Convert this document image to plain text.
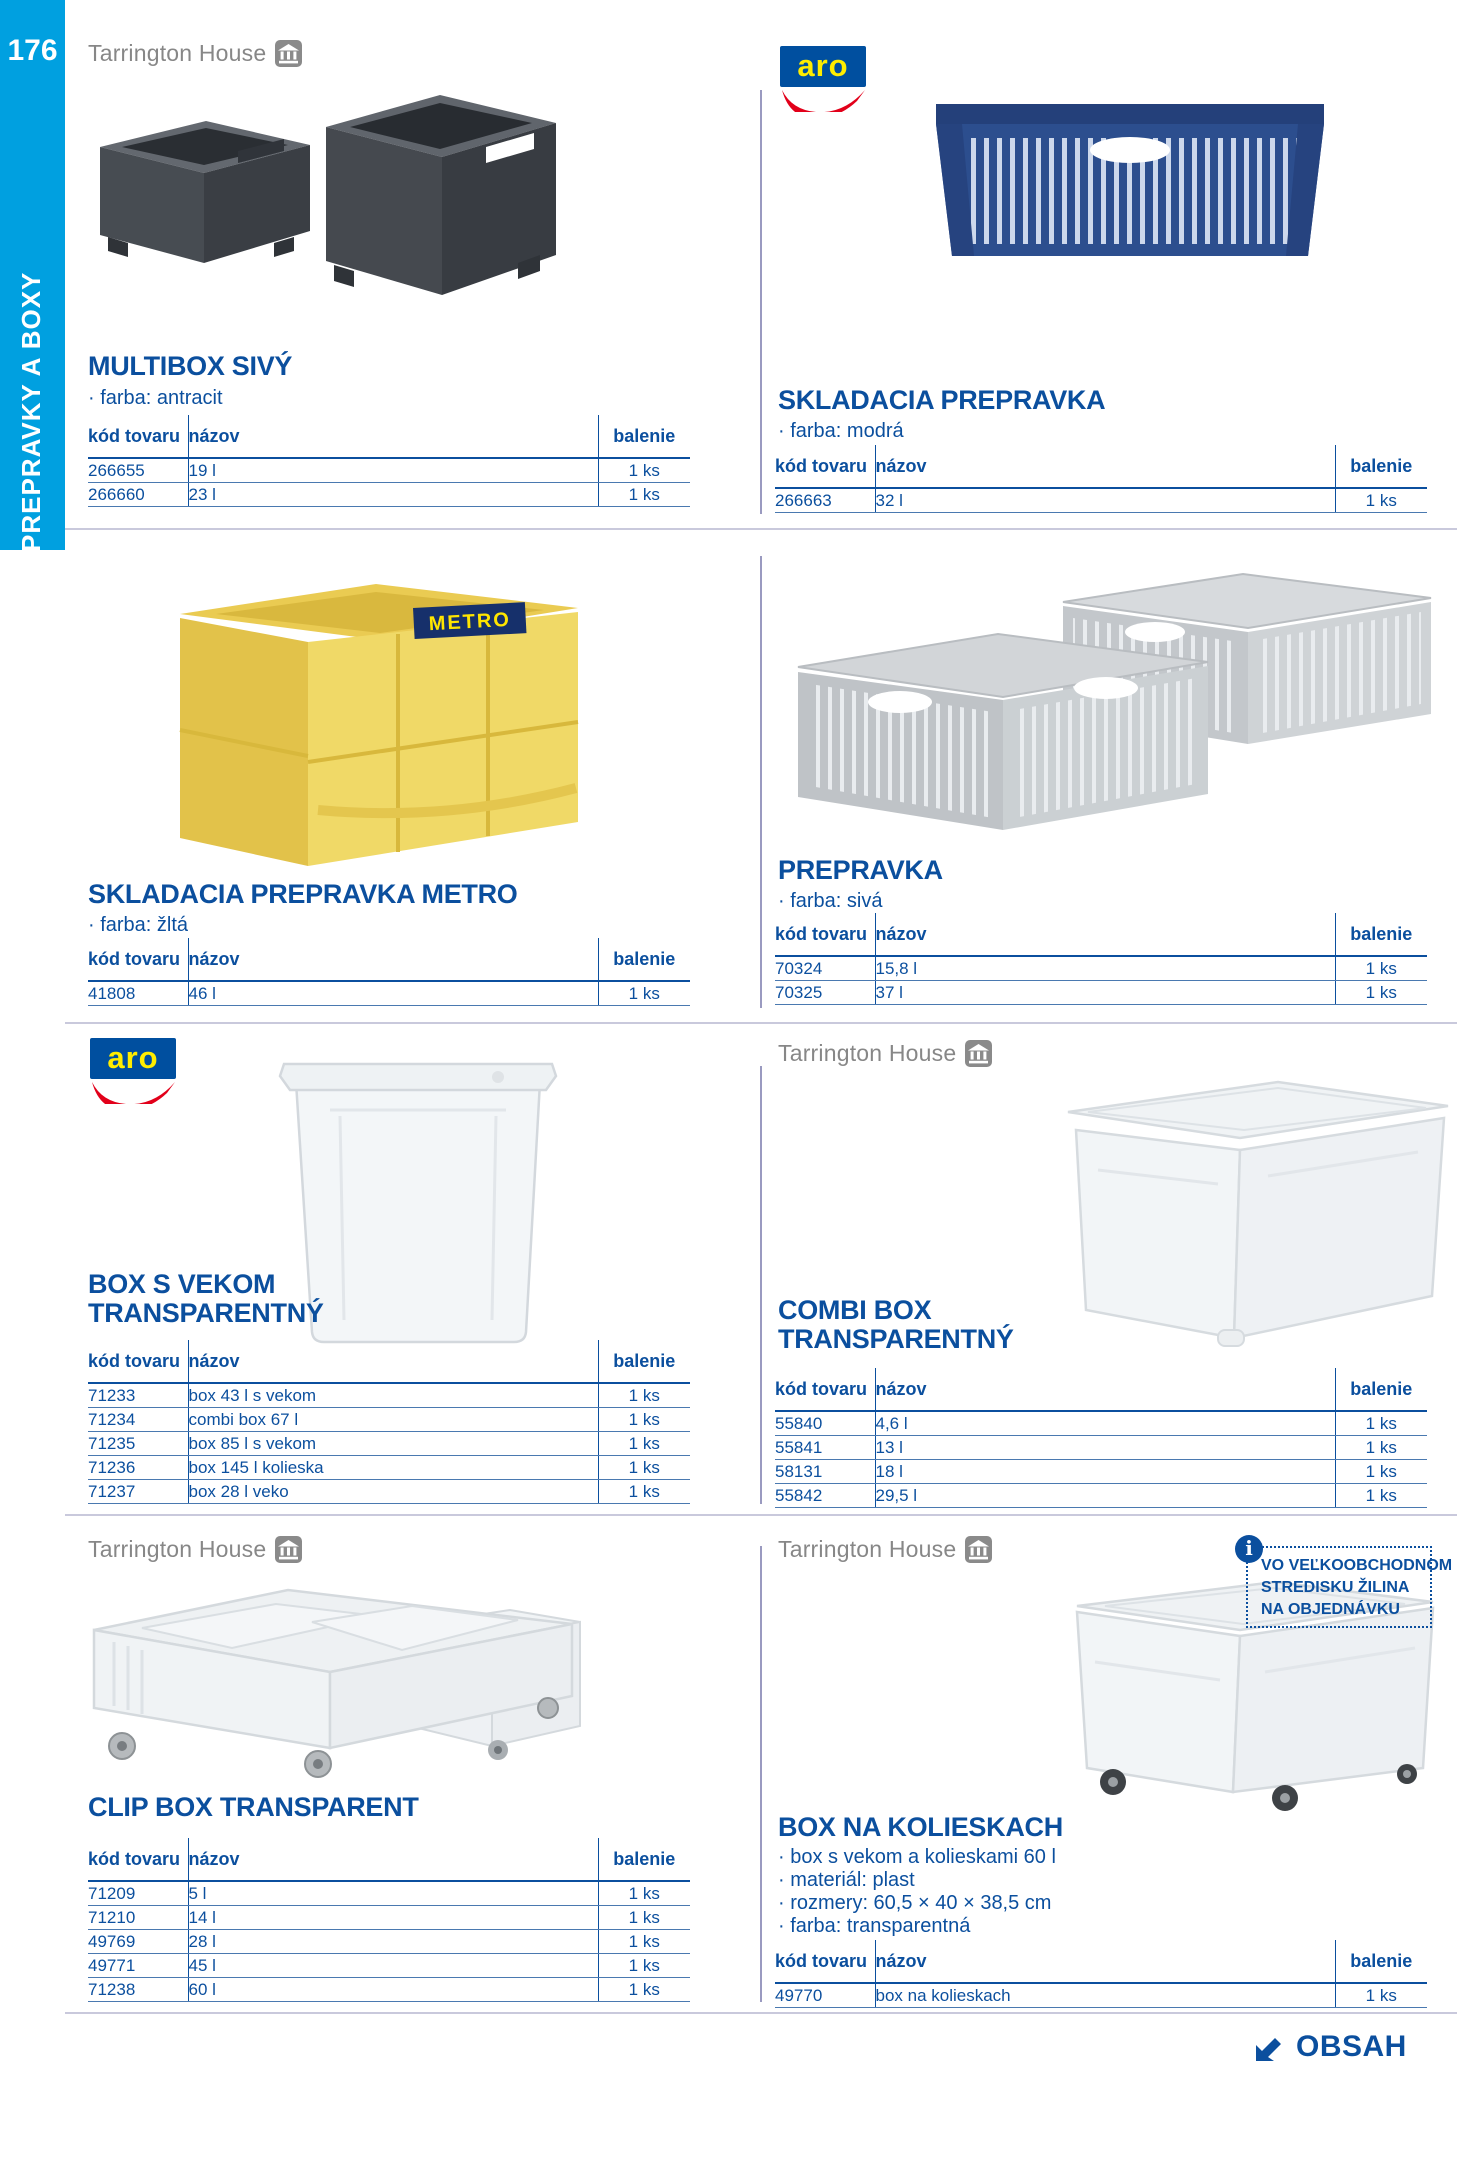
176
PREPRAVKY A BOXY
Tarrington House
MULTIBOX SIVÝ
· farba: antracit
kód tovaru	názov	balenie
266655	19 l	1 ks
266660	23 l	1 ks
aro
SKLADACIA PREPRAVKA
· farba: modrá
kód tovaru	názov	balenie
266663	32 l	1 ks
METRO
SKLADACIA PREPRAVKA METRO
· farba: žltá
kód tovaru	názov	balenie
41808	46 l	1 ks
PREPRAVKA
· farba: sivá
kód tovaru	názov	balenie
70324	15,8 l	1 ks
70325	37 l	1 ks
aro
BOX S VEKOM TRANSPARENTNÝ
kód tovaru	názov	balenie
71233	box 43 l s vekom	1 ks
71234	combi box 67 l	1 ks
71235	box 85 l s vekom	1 ks
71236	box 145 l kolieska	1 ks
71237	box 28 l veko	1 ks
Tarrington House
COMBI BOX TRANSPARENTNÝ
kód tovaru	názov	balenie
55840	4,6 l	1 ks
55841	13 l	1 ks
58131	18 l	1 ks
55842	29,5 l	1 ks
Tarrington House
CLIP BOX TRANSPARENT
kód tovaru	názov	balenie
71209	5 l	1 ks
71210	14 l	1 ks
49769	28 l	1 ks
49771	45 l	1 ks
71238	60 l	1 ks
Tarrington House	i
VO VEĽKOOBCHODNOM
STREDISKU ŽILINA
NA OBJEDNÁVKU
BOX NA KOLIESKACH
· box s vekom a kolieskami 60 l
· materiál: plast
· rozmery: 60,5 × 40 × 38,5 cm
· farba: transparentná
kód tovaru	názov	balenie
49770	box na kolieskach	1 ks
OBSAH
